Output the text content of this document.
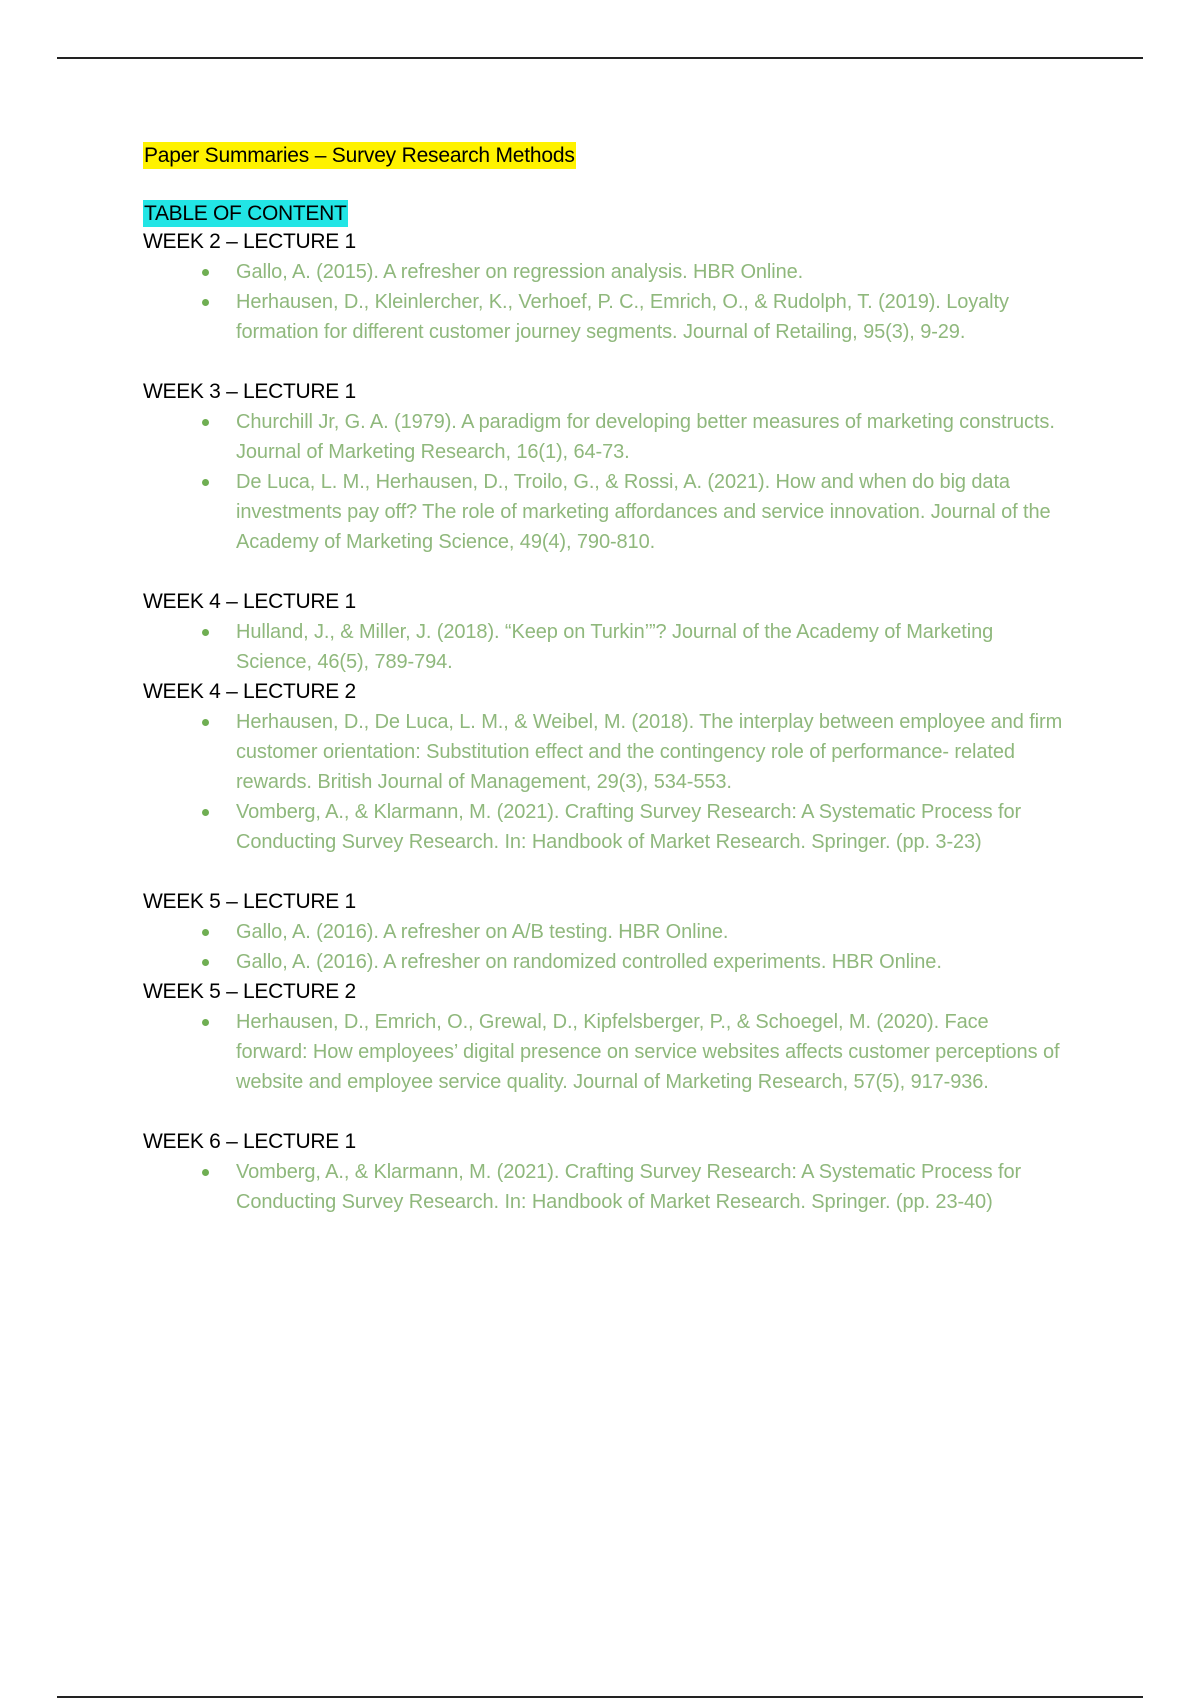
Paper Summaries – Survey Research Methods
TABLE OF CONTENT
WEEK 2 – LECTURE 1
Gallo, A. (2015). A refresher on regression analysis. HBR Online.
Herhausen, D., Kleinlercher, K., Verhoef, P. C., Emrich, O., & Rudolph, T. (2019). Loyalty formation for different customer journey segments. Journal of Retailing, 95(3), 9-29.
WEEK 3 – LECTURE 1
Churchill Jr, G. A. (1979). A paradigm for developing better measures of marketing constructs. Journal of Marketing Research, 16(1), 64-73.
De Luca, L. M., Herhausen, D., Troilo, G., & Rossi, A. (2021). How and when do big data investments pay off? The role of marketing affordances and service innovation. Journal of the Academy of Marketing Science, 49(4), 790-810.
WEEK 4 – LECTURE 1
Hulland, J., & Miller, J. (2018). “Keep on Turkin’”? Journal of the Academy of Marketing Science, 46(5), 789-794.
WEEK 4 – LECTURE 2
Herhausen, D., De Luca, L. M., & Weibel, M. (2018). The interplay between employee and firm customer orientation: Substitution effect and the contingency role of performance- related rewards. British Journal of Management, 29(3), 534-553.
Vomberg, A., & Klarmann, M. (2021). Crafting Survey Research: A Systematic Process for Conducting Survey Research. In: Handbook of Market Research. Springer. (pp. 3-23)
WEEK 5 – LECTURE 1
Gallo, A. (2016). A refresher on A/B testing. HBR Online.
Gallo, A. (2016). A refresher on randomized controlled experiments. HBR Online.
WEEK 5 – LECTURE 2
Herhausen, D., Emrich, O., Grewal, D., Kipfelsberger, P., & Schoegel, M. (2020). Face forward: How employees’ digital presence on service websites affects customer perceptions of website and employee service quality. Journal of Marketing Research, 57(5), 917-936.
WEEK 6 – LECTURE 1
Vomberg, A., & Klarmann, M. (2021). Crafting Survey Research: A Systematic Process for Conducting Survey Research. In: Handbook of Market Research. Springer. (pp. 23-40)
